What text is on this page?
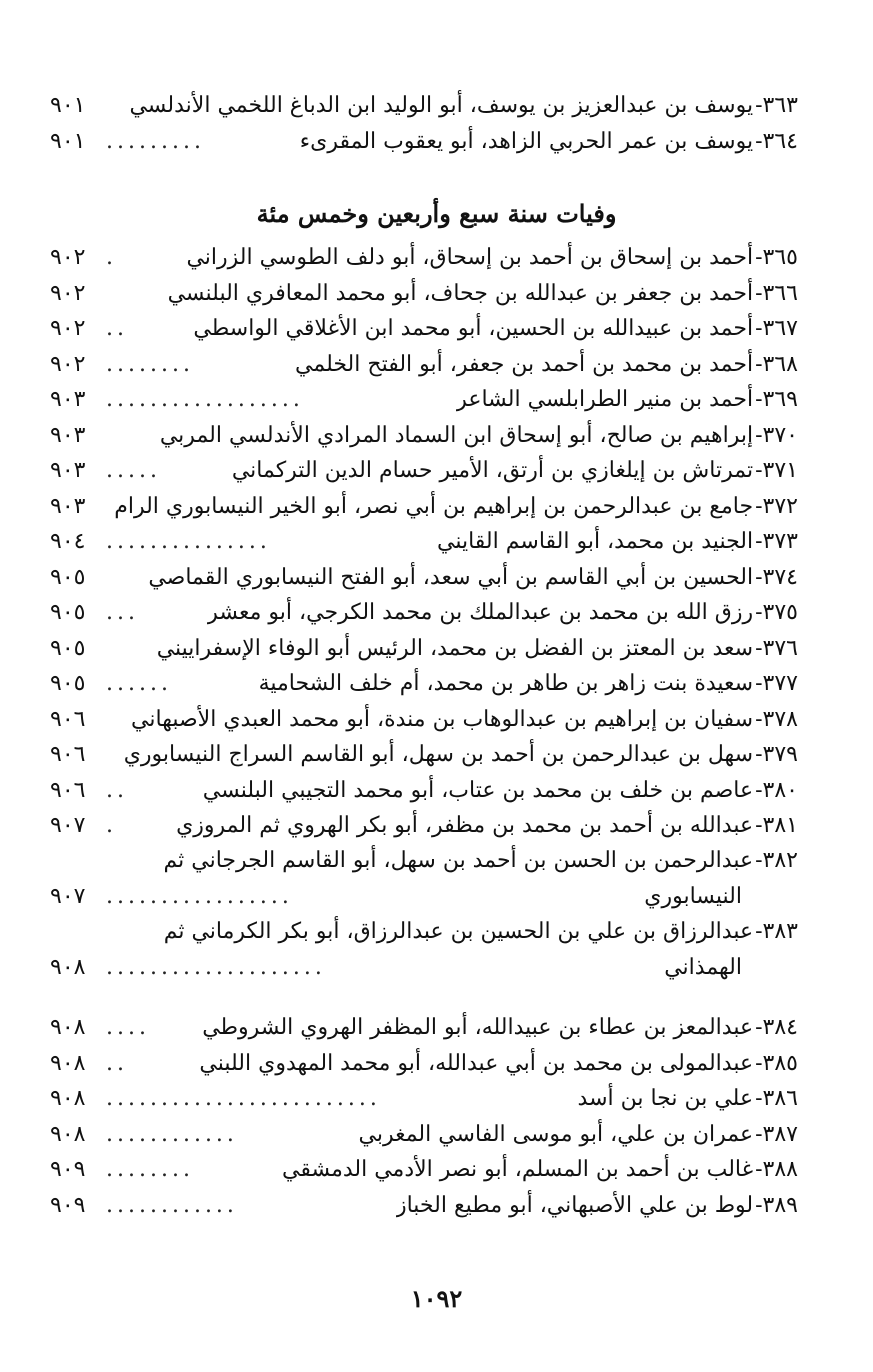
٣٦٣-
يوسف بن عبدالعزيز بن يوسف، أبو الوليد ابن الدباغ اللخمي الأندلسي
٩٠١
٣٦٤-
يوسف بن عمر الحربي الزاهد، أبو يعقوب المقرىء
.........
٩٠١
وفيات سنة سبع وأربعين وخمس مئة
٣٦٥-
أحمد بن إسحاق بن أحمد بن إسحاق، أبو دلف الطوسي الزراني
.
٩٠٢
٣٦٦-
أحمد بن جعفر بن عبدالله بن جحاف، أبو محمد المعافري البلنسي
٩٠٢
٣٦٧-
أحمد بن عبيدالله بن الحسين، أبو محمد ابن الأغلاقي الواسطي
..
٩٠٢
٣٦٨-
أحمد بن محمد بن أحمد بن جعفر، أبو الفتح الخلمي
........
٩٠٢
٣٦٩-
أحمد بن منير الطرابلسي الشاعر
..................
٩٠٣
٣٧٠-
إبراهيم بن صالح، أبو إسحاق ابن السماد المرادي الأندلسي المربي
٩٠٣
٣٧١-
تمرتاش بن إيلغازي بن أرتق، الأمير حسام الدين التركماني
.....
٩٠٣
٣٧٢-
جامع بن عبدالرحمن بن إبراهيم بن أبي نصر، أبو الخير النيسابوري الرام
٩٠٣
٣٧٣-
الجنيد بن محمد، أبو القاسم القايني
...............
٩٠٤
٣٧٤-
الحسين بن أبي القاسم بن أبي سعد، أبو الفتح النيسابوري القماصي
٩٠٥
٣٧٥-
رزق الله بن محمد بن عبدالملك بن محمد الكرجي، أبو معشر
...
٩٠٥
٣٧٦-
سعد بن المعتز بن الفضل بن محمد، الرئيس أبو الوفاء الإسفراييني
٩٠٥
٣٧٧-
سعيدة بنت زاهر بن طاهر بن محمد، أم خلف الشحامية
......
٩٠٥
٣٧٨-
سفيان بن إبراهيم بن عبدالوهاب بن مندة، أبو محمد العبدي الأصبهاني
٩٠٦
٣٧٩-
سهل بن عبدالرحمن بن أحمد بن سهل، أبو القاسم السراج النيسابوري
٩٠٦
٣٨٠-
عاصم بن خلف بن محمد بن عتاب، أبو محمد التجيبي البلنسي
..
٩٠٦
٣٨١-
عبدالله بن أحمد بن محمد بن مظفر، أبو بكر الهروي ثم المروزي
.
٩٠٧
٣٨٢-
عبدالرحمن بن الحسن بن أحمد بن سهل، أبو القاسم الجرجاني ثم
النيسابوري
.................
٩٠٧
٣٨٣-
عبدالرزاق بن علي بن الحسين بن عبدالرزاق، أبو بكر الكرماني ثم
الهمذاني
....................
٩٠٨
٣٨٤-
عبدالمعز بن عطاء بن عبيدالله، أبو المظفر الهروي الشروطي
....
٩٠٨
٣٨٥-
عبدالمولى بن محمد بن أبي عبدالله، أبو محمد المهدوي اللبني
..
٩٠٨
٣٨٦-
علي بن نجا بن أسد
.........................
٩٠٨
٣٨٧-
عمران بن علي، أبو موسى الفاسي المغربي
............
٩٠٨
٣٨٨-
غالب بن أحمد بن المسلم، أبو نصر الأدمي الدمشقي
........
٩٠٩
٣٨٩-
لوط بن علي الأصبهاني، أبو مطيع الخباز
............
٩٠٩
١٠٩٢
